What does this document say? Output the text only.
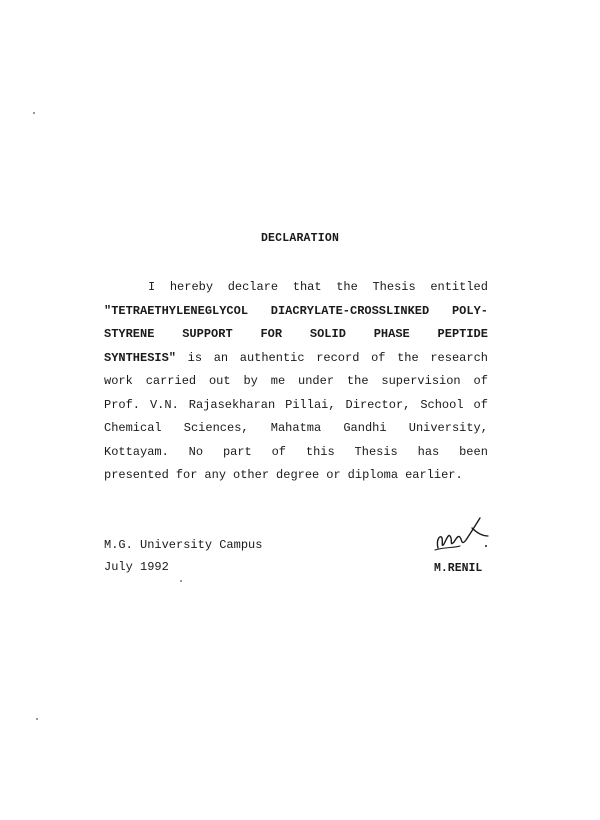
DECLARATION
I hereby declare that the Thesis entitled
"TETRAETHYLENEGLYCOL DIACRYLATE-CROSSLINKED POLY-
STYRENE SUPPORT FOR SOLID PHASE PEPTIDE
SYNTHESIS" is an authentic record of the research
work carried out by me under the supervision of
Prof. V.N. Rajasekharan Pillai, Director, School of
Chemical Sciences, Mahatma Gandhi University,
Kottayam. No part of this Thesis has been
presented for any other degree or diploma earlier.
M.G. University Campus
July 1992	M.RENIL
